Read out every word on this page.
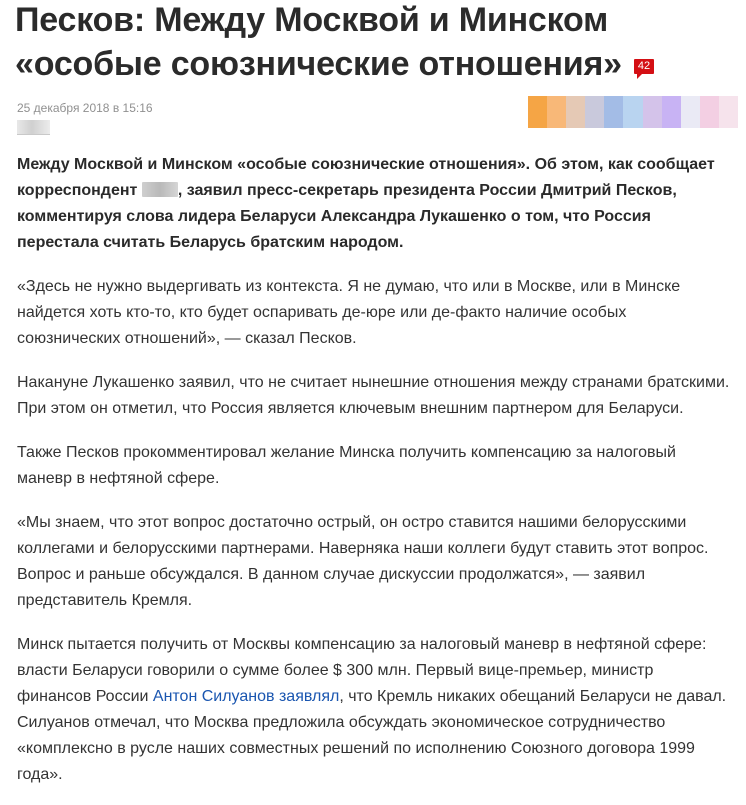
Песков: Между Москвой и Минском «особые союзнические отношения» 42
25 декабря 2018 в 15:16

Между Москвой и Минском «особые союзнические отношения». Об этом, как сообщает корреспондент , заявил пресс-секретарь президента России Дмитрий Песков, комментируя слова лидера Беларуси Александра Лукашенко о том, что Россия перестала считать Беларусь братским народом.

«Здесь не нужно выдергивать из контекста. Я не думаю, что или в Москве, или в Минске найдется хоть кто-то, кто будет оспаривать де-юре или де-факто наличие особых союзнических отношений», — сказал Песков.

Накануне Лукашенко заявил, что не считает нынешние отношения между странами братскими. При этом он отметил, что Россия является ключевым внешним партнером для Беларуси.

Также Песков прокомментировал желание Минска получить компенсацию за налоговый маневр в нефтяной сфере.

«Мы знаем, что этот вопрос достаточно острый, он остро ставится нашими белорусскими коллегами и белорусскими партнерами. Наверняка наши коллеги будут ставить этот вопрос. Вопрос и раньше обсуждался. В данном случае дискуссии продолжатся», — заявил представитель Кремля.

Минск пытается получить от Москвы компенсацию за налоговый маневр в нефтяной сфере: власти Беларуси говорили о сумме более $ 300 млн. Первый вице-премьер, министр финансов России Антон Силуанов заявлял, что Кремль никаких обещаний Беларуси не давал. Силуанов отмечал, что Москва предложила обсуждать экономическое сотрудничество «комплексно в русле наших совместных решений по исполнению Союзного договора 1999 года».
